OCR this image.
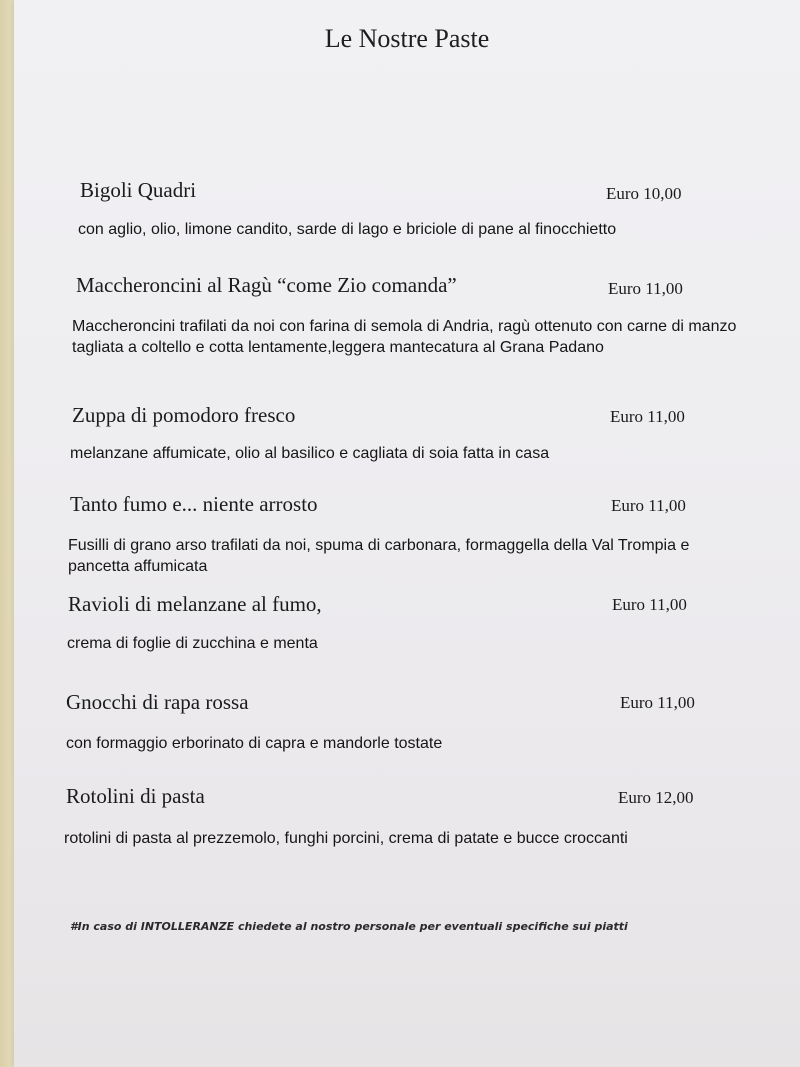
Le Nostre Paste

Bigoli Quadri	Euro 10,00

con aglio, olio, limone candito, sarde di lago e briciole di pane al finocchietto

Maccheroncini al Ragù “come Zio comanda”	Euro 11,00

Maccheroncini trafilati da noi con farina di semola di Andria, ragù ottenuto con carne di manzo tagliata a coltello e cotta lentamente,leggera mantecatura al Grana Padano

Zuppa di pomodoro fresco	Euro 11,00

melanzane affumicate, olio al basilico e cagliata di soia fatta in casa

Tanto fumo e... niente arrosto	Euro 11,00

Fusilli di grano arso trafilati da noi, spuma di carbonara, formaggella della Val Trompia e pancetta affumicata

Ravioli di melanzane al fumo,	Euro 11,00

crema di foglie di zucchina e menta

Gnocchi di rapa rossa	Euro 11,00

con formaggio erborinato di capra e mandorle tostate

Rotolini di pasta	Euro 12,00

rotolini di pasta al prezzemolo, funghi porcini, crema di patate e bucce croccanti

#In caso di INTOLLERANZE chiedete al nostro personale per eventuali specifiche sui piatti
